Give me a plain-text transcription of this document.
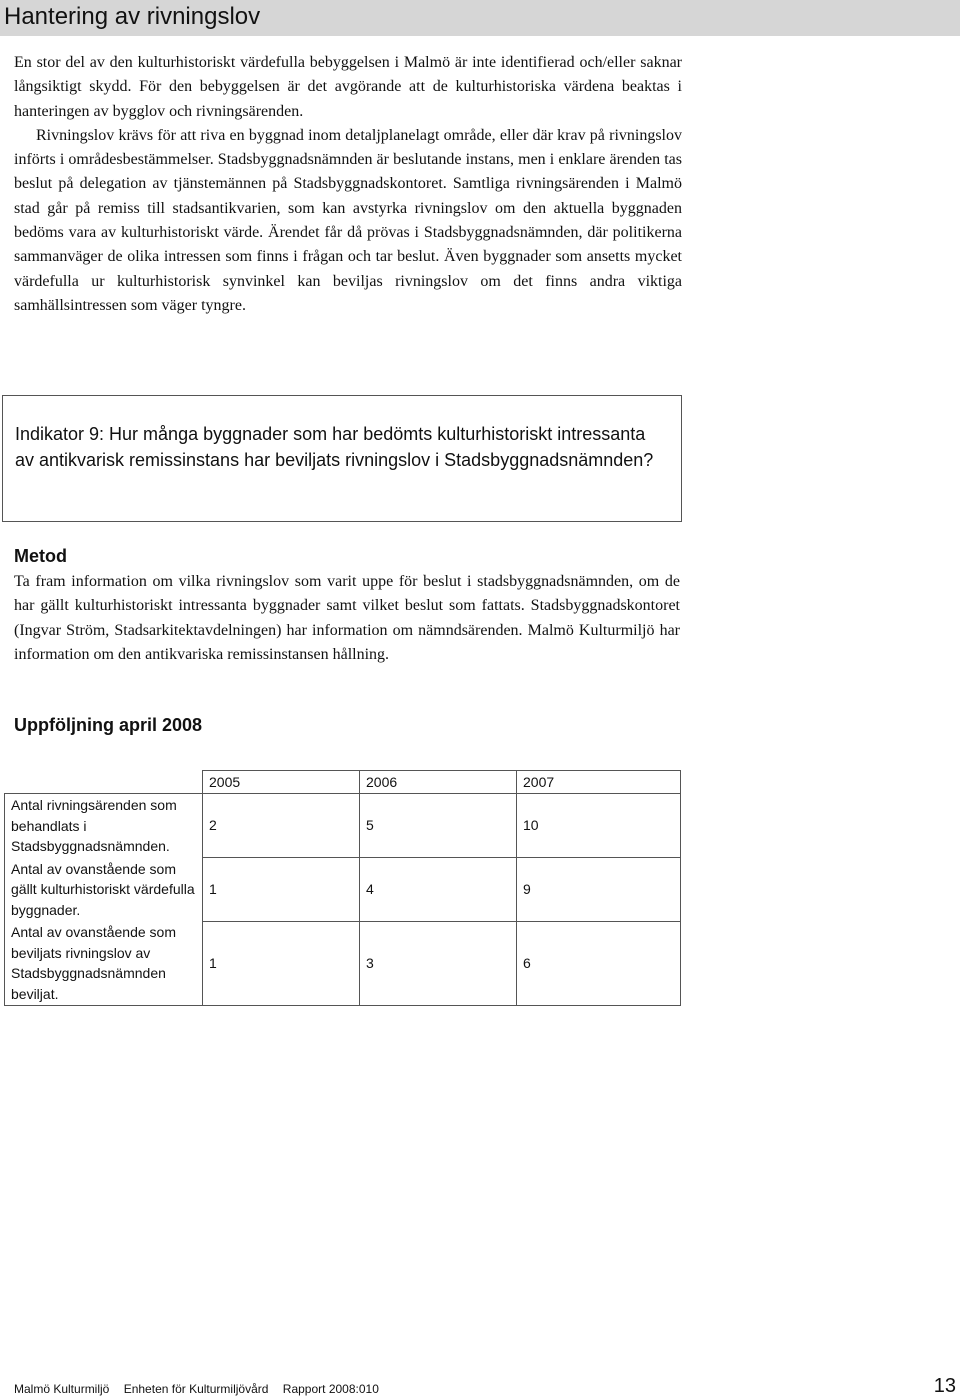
Hantering av rivningslov

En stor del av den kulturhistoriskt värdefulla bebyggelsen i Malmö är inte identifierad och/eller saknar långsiktigt skydd. För den bebyggelsen är det avgörande att de kulturhistoriska värdena beaktas i hanteringen av bygglov och rivningsärenden.

Rivningslov krävs för att riva en byggnad inom detaljplanelagt område, eller där krav på rivningslov införts i områdesbestämmelser. Stadsbyggnadsnämnden är beslutande instans, men i enklare ärenden tas beslut på delegation av tjänstemännen på Stadsbyggnadskontoret. Samtliga rivningsärenden i Malmö stad går på remiss till stadsantikvarien, som kan avstyrka rivningslov om den aktuella byggnaden bedöms vara av kulturhistoriskt värde. Ärendet får då prövas i Stadsbyggnadsnämnden, där politikerna sammanväger de olika intressen som finns i frågan och tar beslut. Även byggnader som ansetts mycket värdefulla ur kulturhistorisk synvinkel kan beviljas rivningslov om det finns andra viktiga samhällsintressen som väger tyngre.

Indikator 9: Hur många byggnader som har bedömts kulturhistoriskt intressanta av antikvarisk remissinstans har beviljats rivningslov i Stadsbyggnadsnämnden?

Metod

Ta fram information om vilka rivningslov som varit uppe för beslut i stadsbyggnadsnämnden, om de har gällt kulturhistoriskt intressanta byggnader samt vilket beslut som fattats. Stadsbyggnadskontoret (Ingvar Ström, Stadsarkitektavdelningen) har information om nämndsärenden. Malmö Kulturmiljö har information om den antikvariska remissinstansen hållning.

Uppföljning april 2008
	2005	2006	2007
Antal rivningsärenden som behandlats i Stadsbyggnadsnämnden.	2	5	10
Antal av ovanstående som gällt kulturhistoriskt värdefulla byggnader.	1	4	9
Antal av ovanstående som beviljats rivningslov av Stadsbyggnadsnämnden beviljat.	1	3	6
Malmö Kulturmiljö Enheten för Kulturmiljövård Rapport 2008:010	13
